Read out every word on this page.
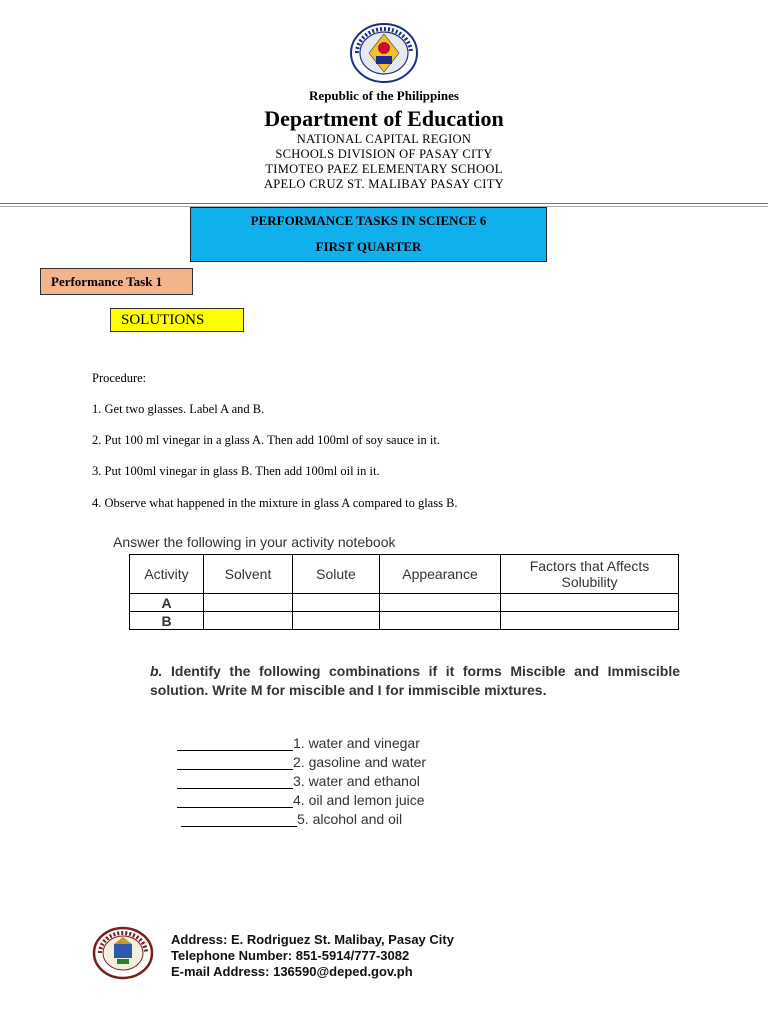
Republic of the Philippines
Department of Education
NATIONAL CAPITAL REGION
SCHOOLS DIVISION OF PASAY CITY
TIMOTEO PAEZ ELEMENTARY SCHOOL
APELO CRUZ ST. MALIBAY PASAY CITY
PERFORMANCE TASKS IN SCIENCE 6
FIRST QUARTER
Performance Task 1
SOLUTIONS
Procedure:
1. Get two glasses. Label A and B.
2. Put 100 ml vinegar in a glass A. Then add 100ml of soy sauce in it.
3. Put 100ml vinegar in glass B. Then add 100ml oil in it.
4. Observe what happened in the mixture in glass A compared to glass B.
Answer the following in your activity notebook
Activity	Solvent	Solute	Appearance	Factors that Affects Solubility
A				
B				
b. Identify the following combinations if it forms Miscible and Immiscible solution. Write M for miscible and I for immiscible mixtures.
1. water and vinegar
2. gasoline and water
3. water and ethanol
4. oil and lemon juice
5. alcohol and oil
Address: E. Rodriguez St. Malibay, Pasay City
Telephone Number: 851-5914/777-3082
E-mail Address: 136590@deped.gov.ph
